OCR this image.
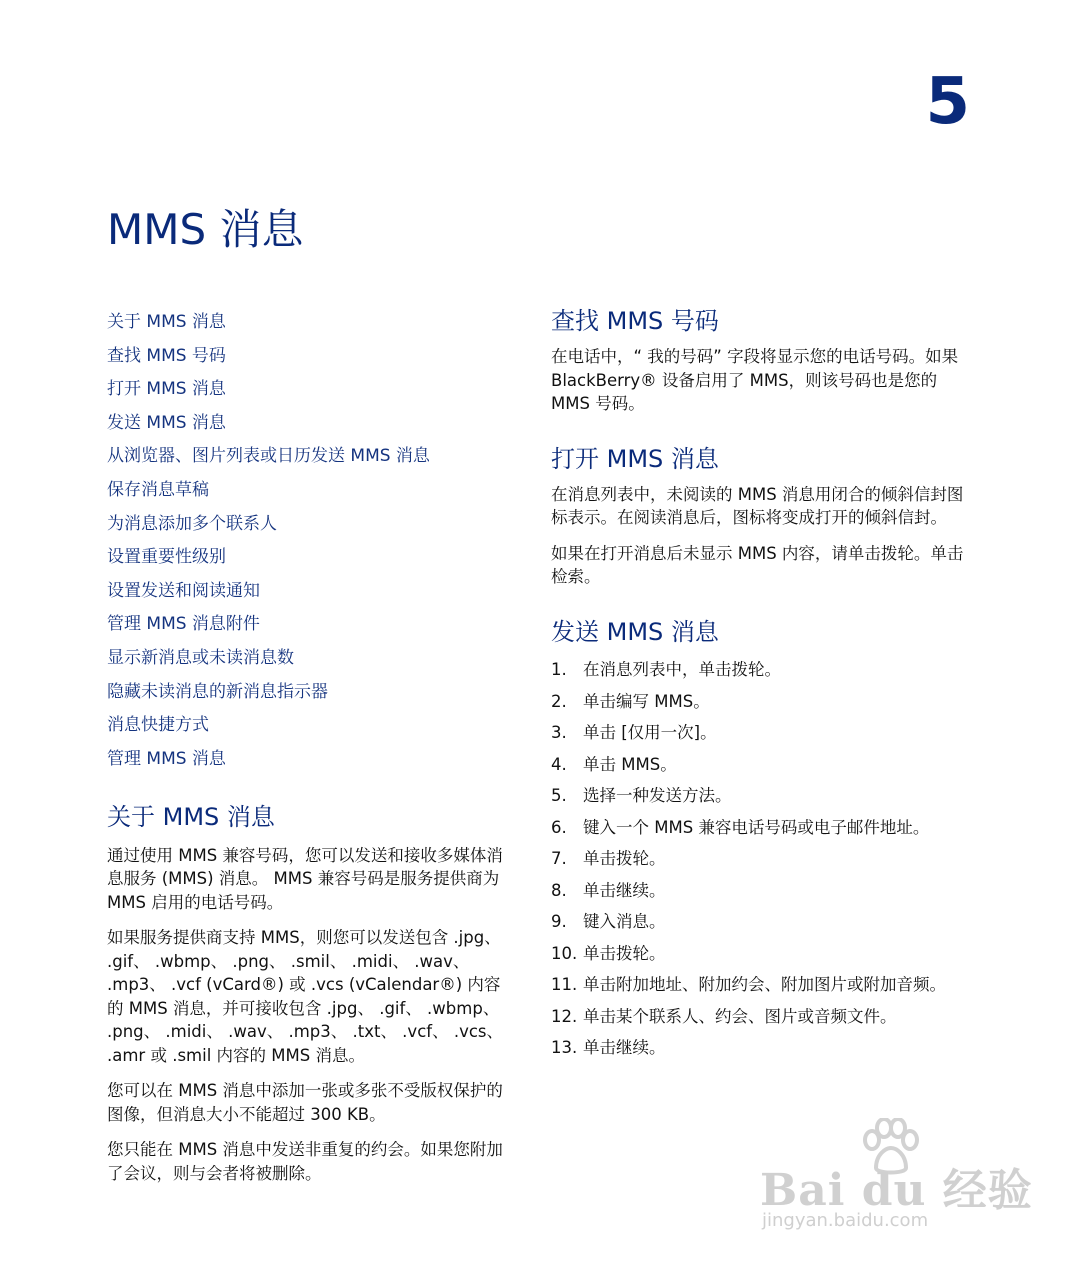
5
MMS 消息
关于 MMS 消息
查找 MMS 号码
打开 MMS 消息
发送 MMS 消息
从浏览器、图片列表或日历发送 MMS 消息
保存消息草稿
为消息添加多个联系人
设置重要性级别
设置发送和阅读通知
管理 MMS 消息附件
显示新消息或未读消息数
隐藏未读消息的新消息指示器
消息快捷方式
管理 MMS 消息
关于 MMS 消息

通过使用 MMS 兼容号码，您可以发送和接收多媒体消息服务 (MMS) 消息。 MMS 兼容号码是服务提供商为 MMS 启用的电话号码。

如果服务提供商支持 MMS，则您可以发送包含 .jpg、 .gif、 .wbmp、 .png、 .smil、 .midi、 .wav、 .mp3、 .vcf (vCard®) 或 .vcs (vCalendar®) 内容的 MMS 消息，并可接收包含 .jpg、 .gif、 .wbmp、 .png、 .midi、 .wav、 .mp3、 .txt、 .vcf、 .vcs、 .amr 或 .smil 内容的 MMS 消息。

您可以在 MMS 消息中添加一张或多张不受版权保护的图像，但消息大小不能超过 300 KB。

您只能在 MMS 消息中发送非重复的约会。如果您附加了会议，则与会者将被删除。

查找 MMS 号码

在电话中，“ 我的号码” 字段将显示您的电话号码。如果 BlackBerry® 设备启用了 MMS，则该号码也是您的 MMS 号码。

打开 MMS 消息

在消息列表中，未阅读的 MMS 消息用闭合的倾斜信封图标表示。在阅读消息后，图标将变成打开的倾斜信封。

如果在打开消息后未显示 MMS 内容，请单击拨轮。单击检索。

发送 MMS 消息
1. 在消息列表中，单击拨轮。
2. 单击编写 MMS。
3. 单击 [仅用一次]。
4. 单击 MMS。
5. 选择一种发送方法。
6. 键入一个 MMS 兼容电话号码或电子邮件地址。
7. 单击拨轮。
8. 单击继续。
9. 键入消息。
10. 单击拨轮。
11. 单击附加地址、附加约会、附加图片或附加音频。
12. 单击某个联系人、约会、图片或音频文件。
13. 单击继续。
Bai du 经验
jingyan.baidu.com
